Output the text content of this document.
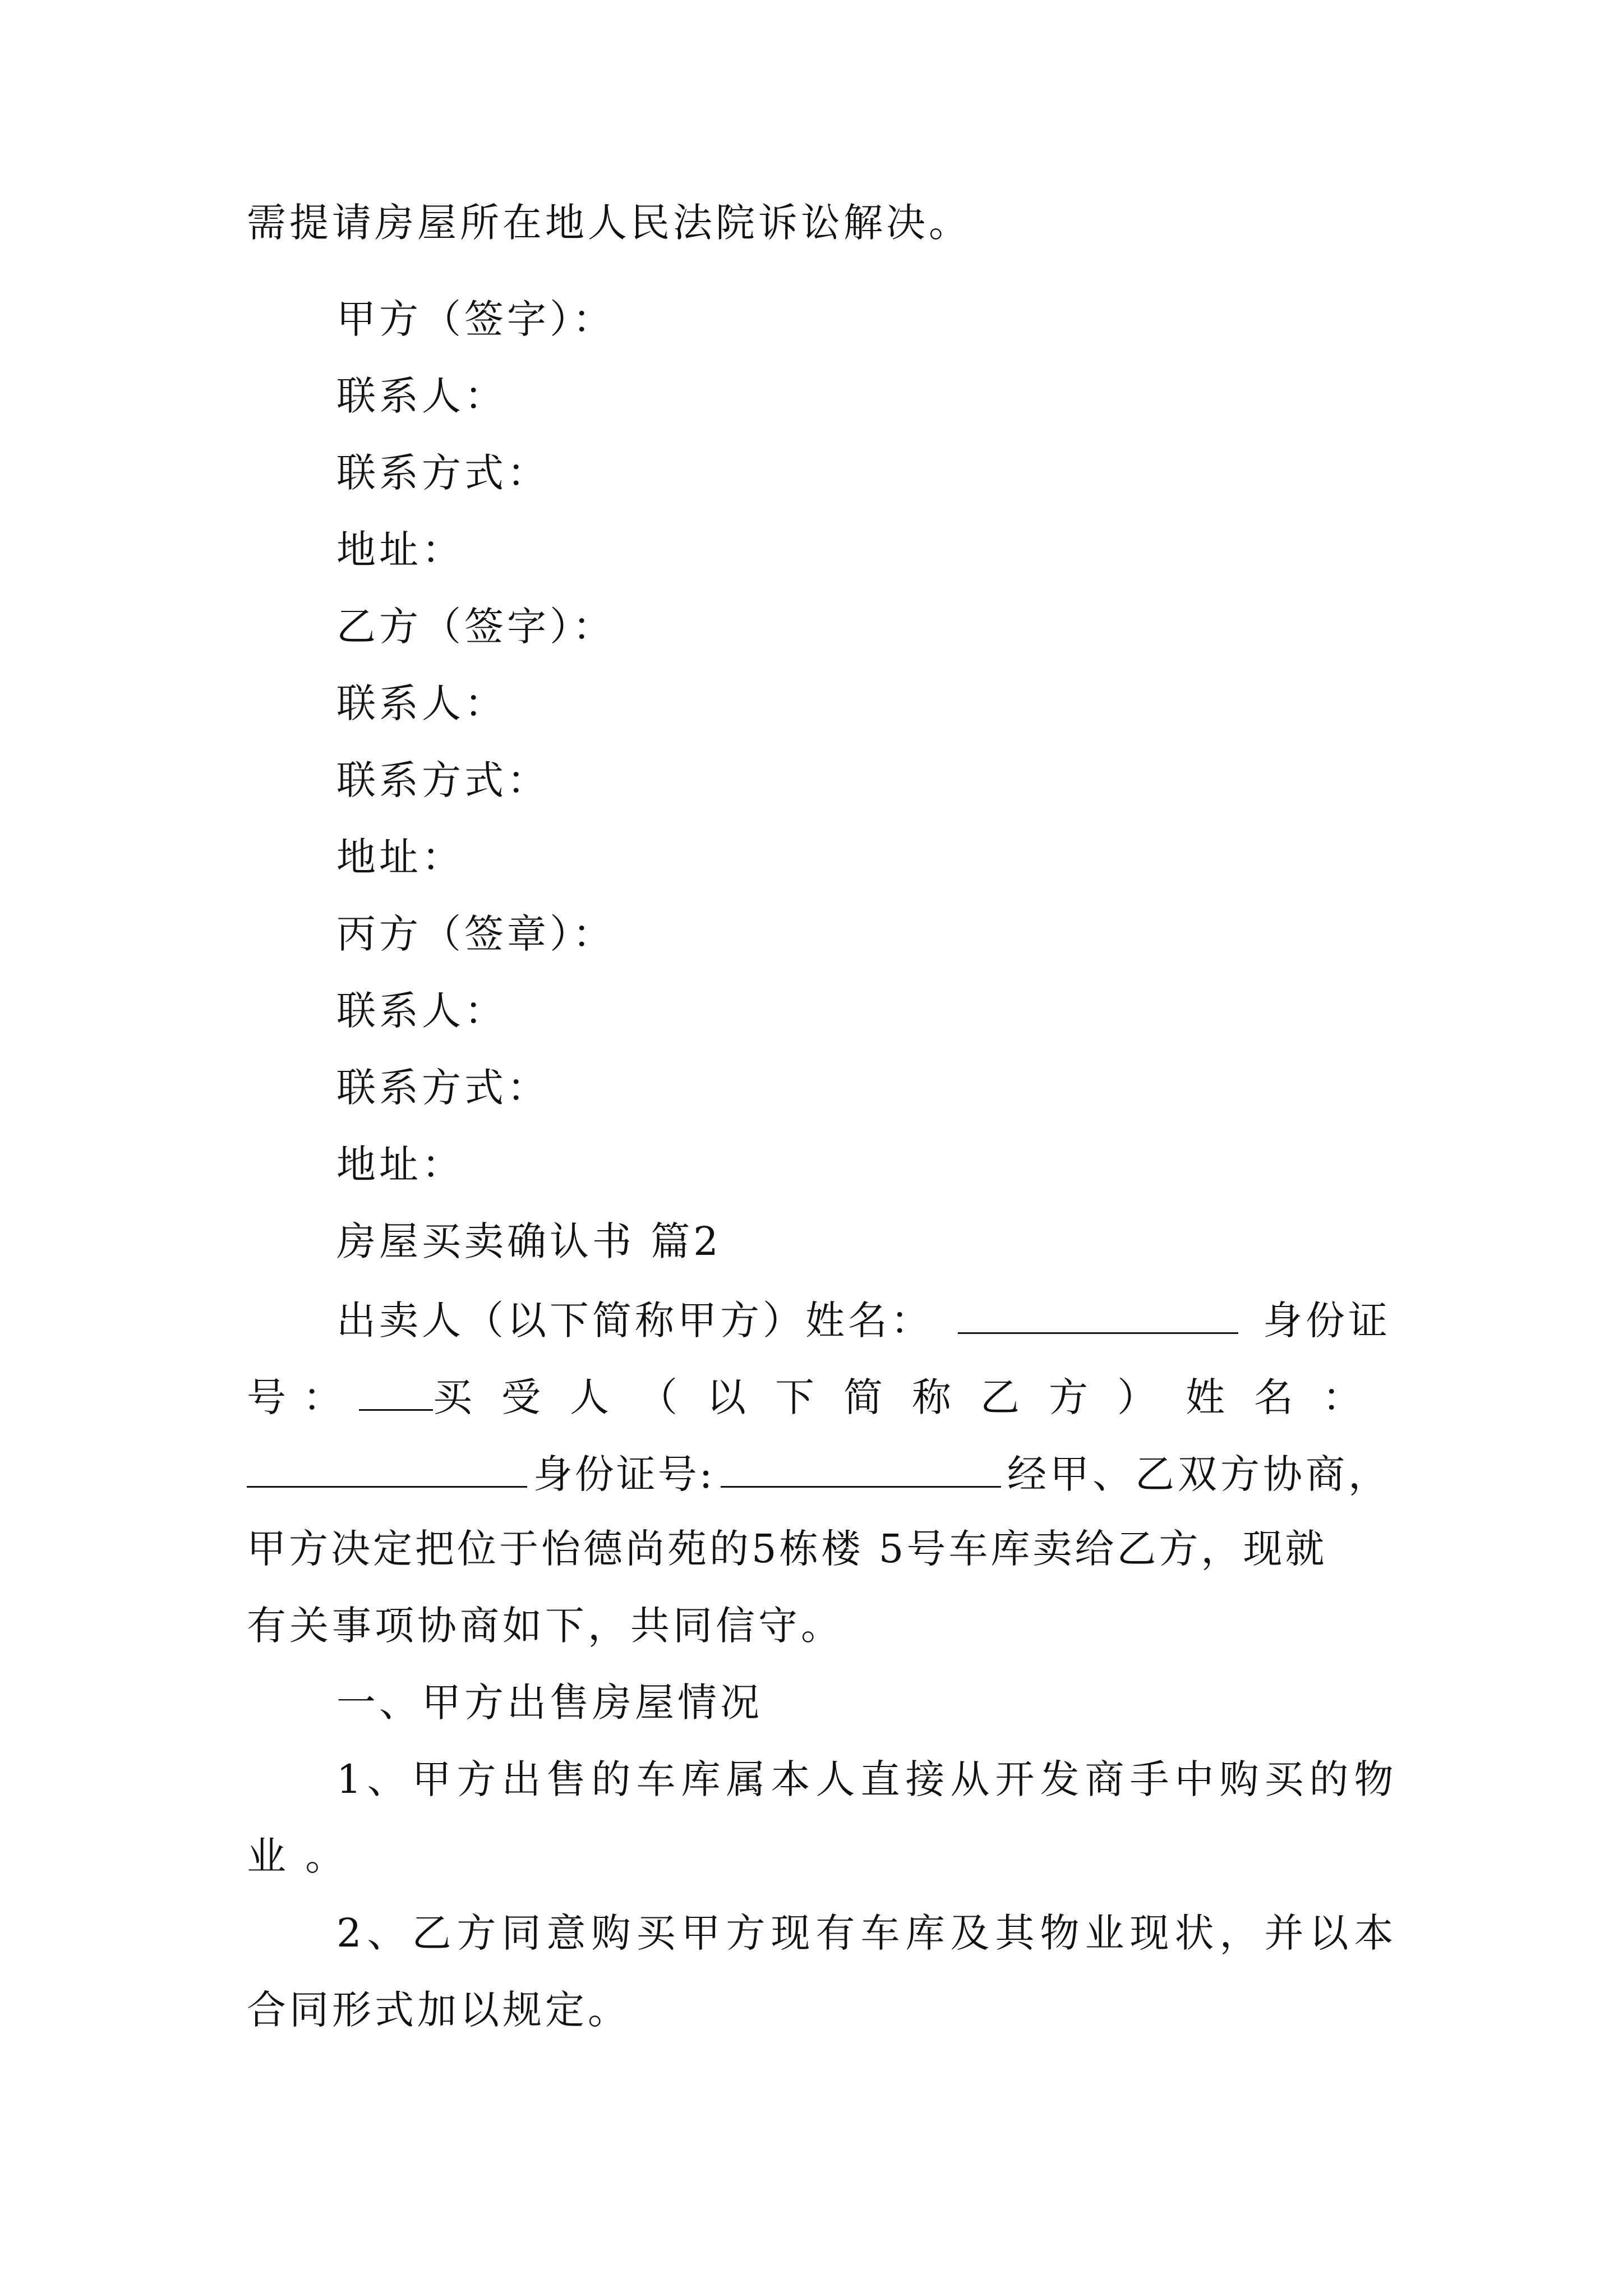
需提请房屋所在地人民法院诉讼解决。
甲方（签字）：
联系人：
联系方式：
地址：
乙方（签字）：
联系人：
联系方式：
地址：
丙方（签章）：
联系人：
联系方式：
地址：
房屋买卖确认书 篇2
出卖人（以下简称甲方）姓名：	身份证
号： 买受人（以下简称乙方）姓名：
身份证号:	经甲、乙双方协商，
甲方决定把位于怡德尚苑的5栋楼 5号车库卖给乙方，现就
有关事项协商如下，共同信守。
一、甲方出售房屋情况
1、甲方出售的车库属本人直接从开发商手中购买的物
业 。
2、乙方同意购买甲方现有车库及其物业现状，并以本
合同形式加以规定。
